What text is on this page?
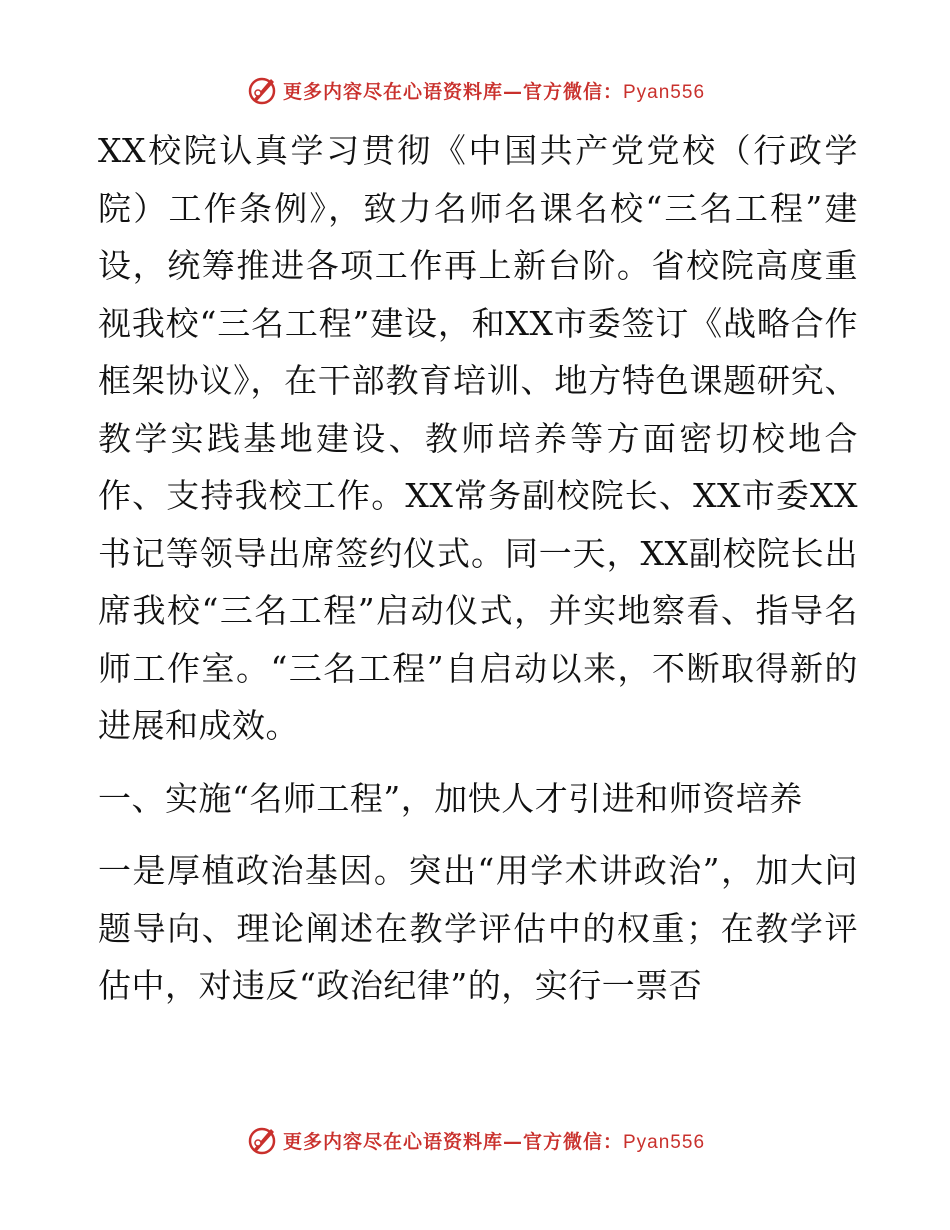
更多内容尽在心语资料库—官方微信：Pyan556

XX校院认真学习贯彻《中国共产党党校（行政学院）工作条例》，致力名师名课名校“三名工程”建设，统筹推进各项工作再上新台阶。省校院高度重视我校“三名工程”建设，和XX市委签订《战略合作框架协议》，在干部教育培训、地方特色课题研究、教学实践基地建设、教师培养等方面密切校地合作、支持我校工作。XX常务副校院长、XX市委XX书记等领导出席签约仪式。同一天，XX副校院长出席我校“三名工程”启动仪式，并实地察看、指导名师工作室。“三名工程”自启动以来，不断取得新的进展和成效。

一、实施“名师工程”，加快人才引进和师资培养

一是厚植政治基因。突出“用学术讲政治”，加大问题导向、理论阐述在教学评估中的权重；在教学评估中，对违反“政治纪律”的，实行一票否

更多内容尽在心语资料库—官方微信：Pyan556
